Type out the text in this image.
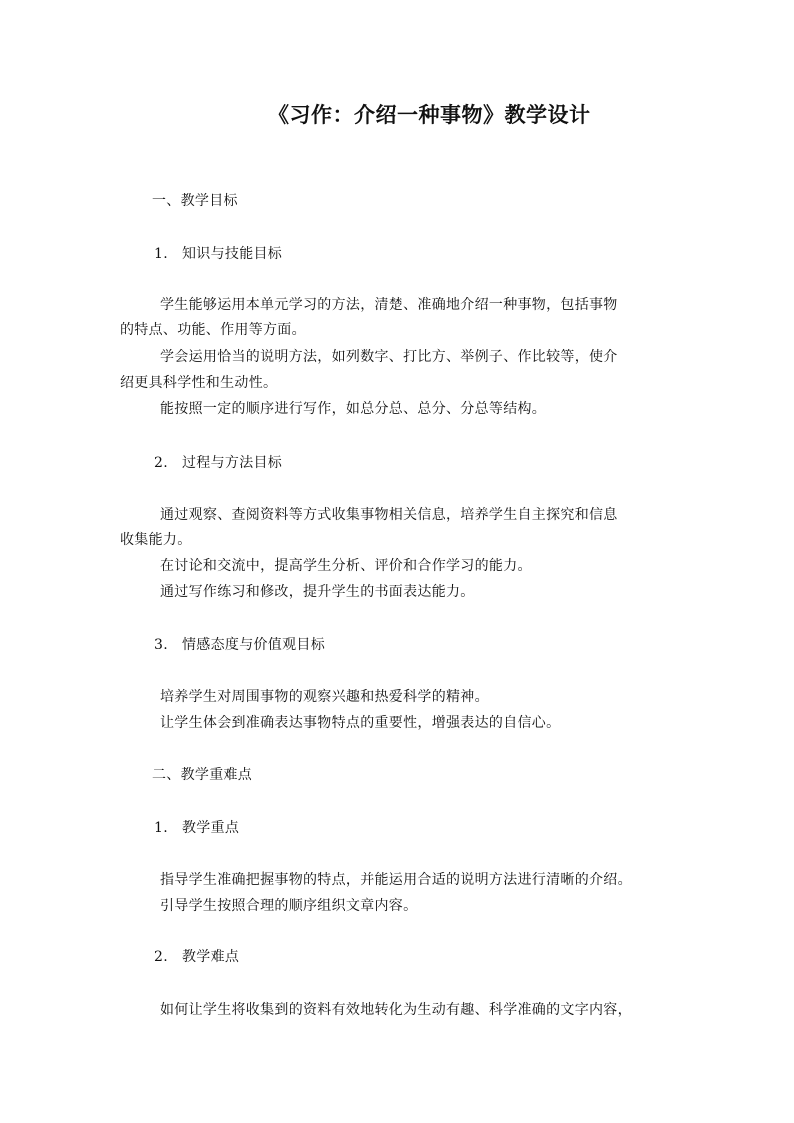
《习作：介绍一种事物》教学设计
一、教学目标
1. 知识与技能目标
学生能够运用本单元学习的方法，清楚、准确地介绍一种事物，包括事物
的特点、功能、作用等方面。
学会运用恰当的说明方法，如列数字、打比方、举例子、作比较等，使介
绍更具科学性和生动性。
能按照一定的顺序进行写作，如总分总、总分、分总等结构。
2. 过程与方法目标
通过观察、查阅资料等方式收集事物相关信息，培养学生自主探究和信息
收集能力。
在讨论和交流中，提高学生分析、评价和合作学习的能力。
通过写作练习和修改，提升学生的书面表达能力。
3. 情感态度与价值观目标
培养学生对周围事物的观察兴趣和热爱科学的精神。
让学生体会到准确表达事物特点的重要性，增强表达的自信心。
二、教学重难点
1. 教学重点
指导学生准确把握事物的特点，并能运用合适的说明方法进行清晰的介绍。
引导学生按照合理的顺序组织文章内容。
2. 教学难点
如何让学生将收集到的资料有效地转化为生动有趣、科学准确的文字内容，
